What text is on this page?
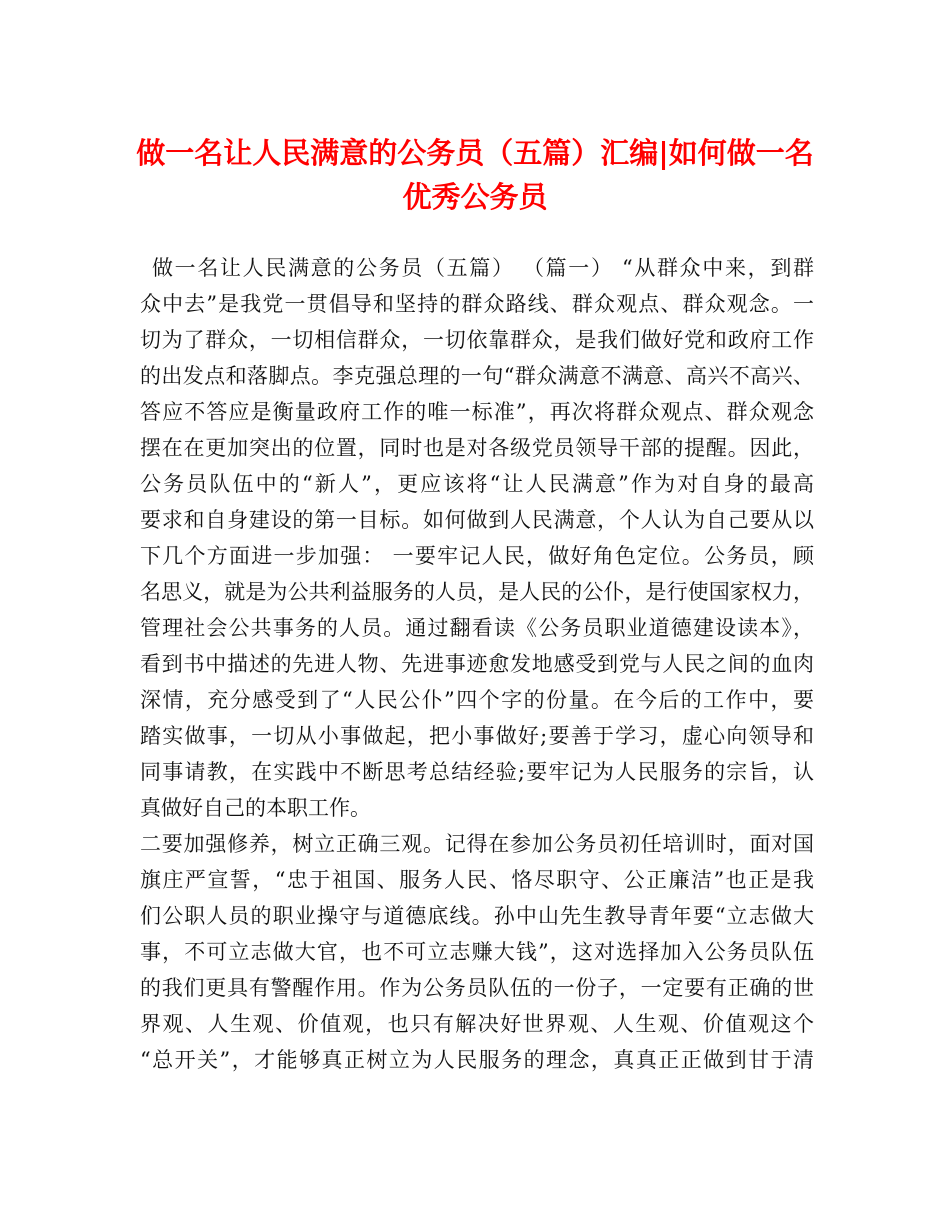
做一名让人民满意的公务员（五篇）汇编|如何做一名
优秀公务员
做一名让人民满意的公务员（五篇） （篇一） “从群众中来，到群
众中去”是我党一贯倡导和坚持的群众路线、群众观点、群众观念。一
切为了群众，一切相信群众，一切依靠群众，是我们做好党和政府工作
的出发点和落脚点。李克强总理的一句“群众满意不满意、高兴不高兴、
答应不答应是衡量政府工作的唯一标准”，再次将群众观点、群众观念
摆在在更加突出的位置，同时也是对各级党员领导干部的提醒。因此，
公务员队伍中的“新人”，更应该将“让人民满意”作为对自身的最高
要求和自身建设的第一目标。如何做到人民满意，个人认为自己要从以
下几个方面进一步加强： 一要牢记人民，做好角色定位。公务员，顾
名思义，就是为公共利益服务的人员，是人民的公仆，是行使国家权力，
管理社会公共事务的人员。通过翻看读《公务员职业道德建设读本》，
看到书中描述的先进人物、先进事迹愈发地感受到党与人民之间的血肉
深情，充分感受到了“人民公仆”四个字的份量。在今后的工作中，要
踏实做事，一切从小事做起，把小事做好;要善于学习，虚心向领导和
同事请教，在实践中不断思考总结经验;要牢记为人民服务的宗旨，认
真做好自己的本职工作。
二要加强修养，树立正确三观。记得在参加公务员初任培训时，面对国
旗庄严宣誓，“忠于祖国、服务人民、恪尽职守、公正廉洁”也正是我
们公职人员的职业操守与道德底线。孙中山先生教导青年要“立志做大
事，不可立志做大官，也不可立志赚大钱”，这对选择加入公务员队伍
的我们更具有警醒作用。作为公务员队伍的一份子，一定要有正确的世
界观、人生观、价值观，也只有解决好世界观、人生观、价值观这个
“总开关”，才能够真正树立为人民服务的理念，真真正正做到甘于清
